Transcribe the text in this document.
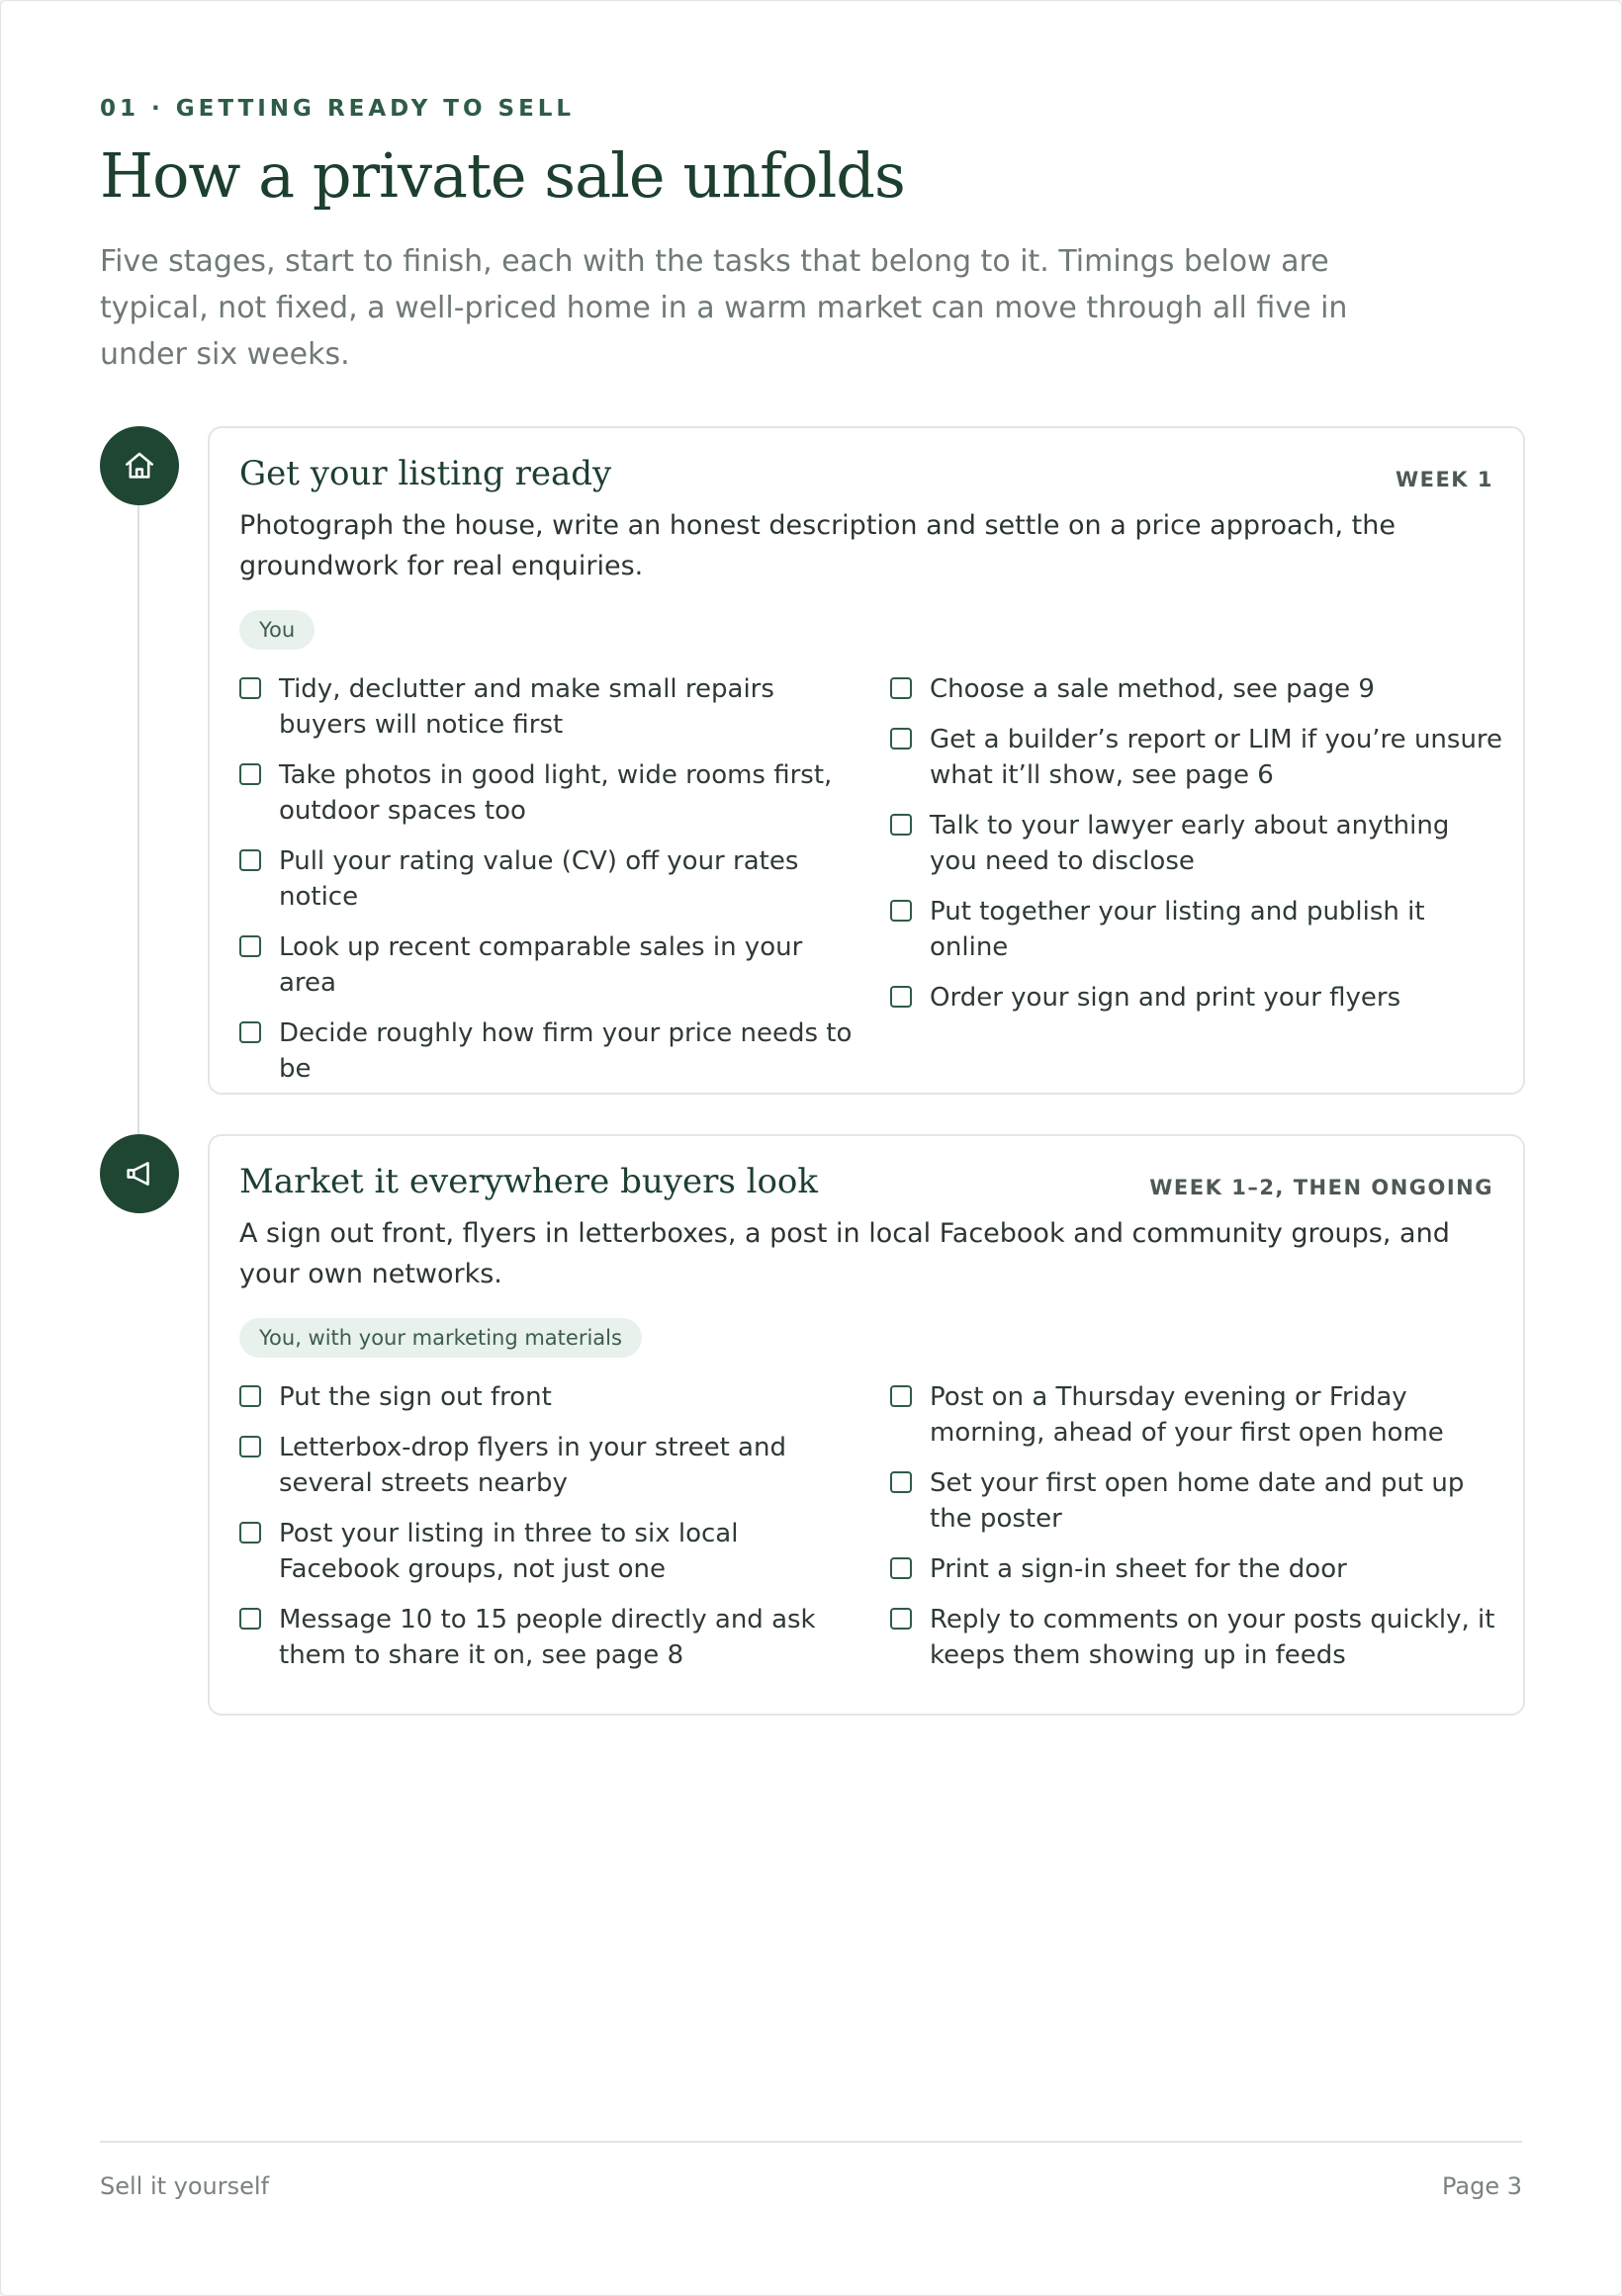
01 · GETTING READY TO SELL
How a private sale unfolds

Five stages, start to finish, each with the tasks that belong to it. Timings below are typical, not fixed, a well-priced home in a warm market can move through all five in under six weeks.

Get your listing ready	WEEK 1

Photograph the house, write an honest description and settle on a price approach, the groundwork for real enquiries.

You
Tidy, declutter and make small repairs buyers will notice first
Take photos in good light, wide rooms first, outdoor spaces too
Pull your rating value (CV) off your rates notice
Look up recent comparable sales in your area
Decide roughly how firm your price needs to be
Choose a sale method, see page 9
Get a builder’s report or LIM if you’re unsure what it’ll show, see page 6
Talk to your lawyer early about anything you need to disclose
Put together your listing and publish it online
Order your sign and print your flyers
Market it everywhere buyers look	WEEK 1–2, THEN ONGOING

A sign out front, flyers in letterboxes, a post in local Facebook and community groups, and your own networks.

You, with your marketing materials
Put the sign out front
Letterbox-drop flyers in your street and several streets nearby
Post your listing in three to six local Facebook groups, not just one
Message 10 to 15 people directly and ask them to share it on, see page 8
Post on a Thursday evening or Friday morning, ahead of your first open home
Set your first open home date and put up the poster
Print a sign-in sheet for the door
Reply to comments on your posts quickly, it keeps them showing up in feeds
Sell it yourself	Page 3
